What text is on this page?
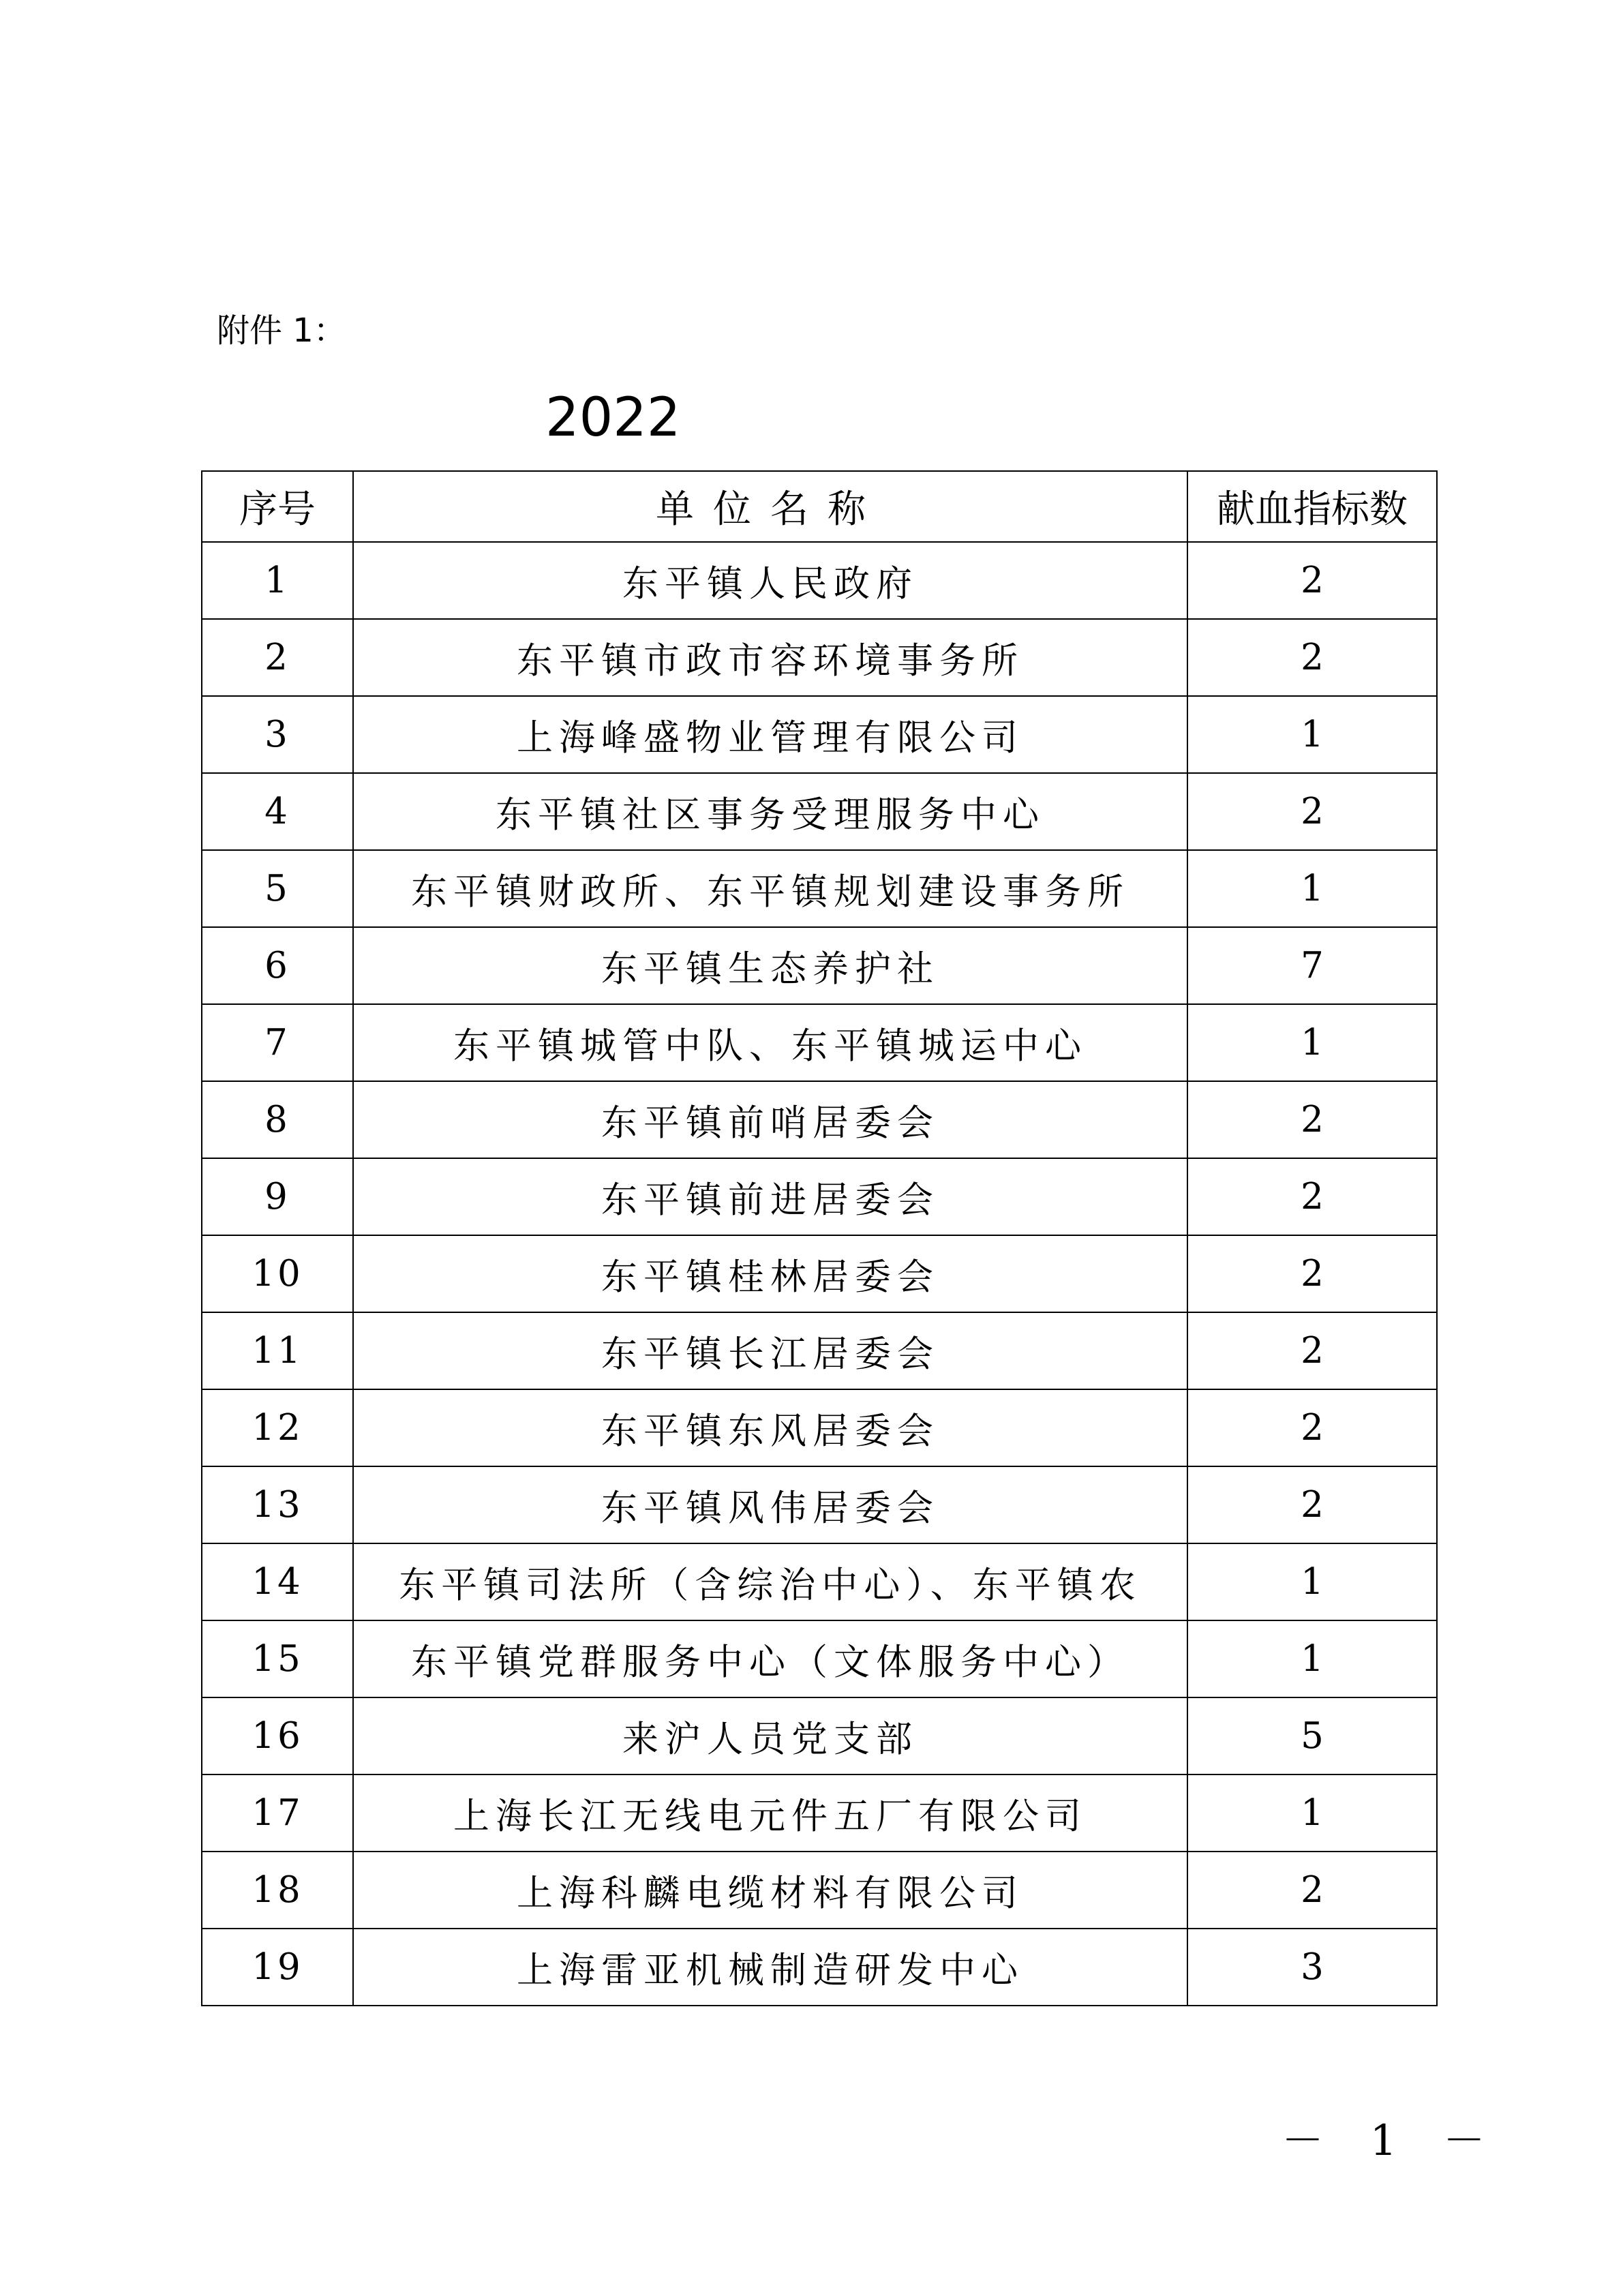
附件 1：
2022
序号	单位名称	献血指标数
1	东平镇人民政府	2
2	东平镇市政市容环境事务所	2
3	上海峰盛物业管理有限公司	1
4	东平镇社区事务受理服务中心	2
5	东平镇财政所、东平镇规划建设事务所	1
6	东平镇生态养护社	7
7	东平镇城管中队、东平镇城运中心	1
8	东平镇前哨居委会	2
9	东平镇前进居委会	2
10	东平镇桂林居委会	2
11	东平镇长江居委会	2
12	东平镇东风居委会	2
13	东平镇风伟居委会	2
14	东平镇司法所（含综治中心）、东平镇农	1
15	东平镇党群服务中心（文体服务中心）	1
16	来沪人员党支部	5
17	上海长江无线电元件五厂有限公司	1
18	上海科麟电缆材料有限公司	2
19	上海雷亚机械制造研发中心	3
－ 1 －
